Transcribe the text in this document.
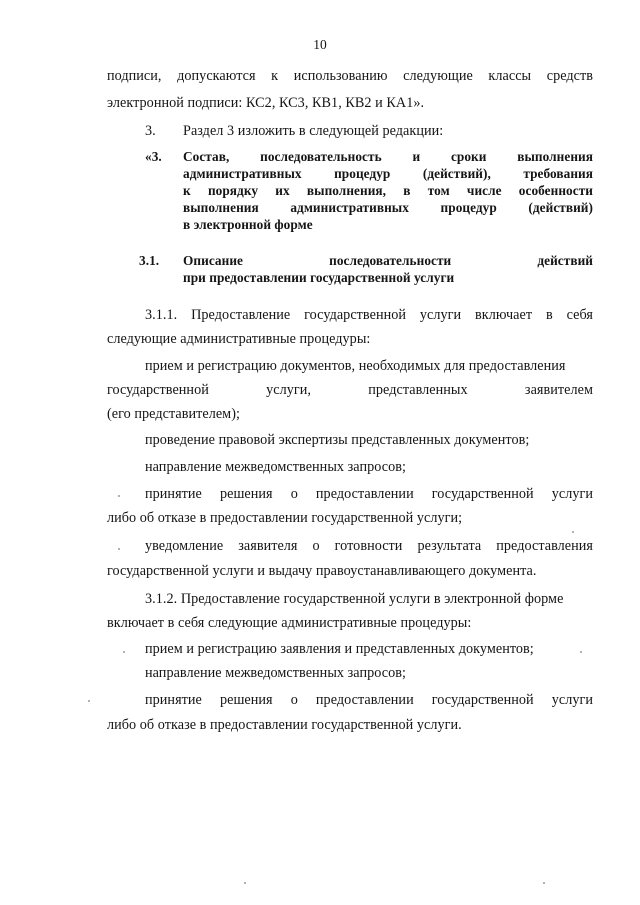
10
подписи, допускаются к использованию следующие классы средств
электронной подписи: КС2, КС3, КВ1, КВ2 и КА1».
3. Раздел 3 изложить в следующей редакции:
«3. Состав, последовательность и сроки выполнения
административных процедур (действий), требования
к порядку их выполнения, в том числе особенности
выполнения административных процедур (действий)
в электронной форме
3.1. Описание последовательности действий
при предоставлении государственной услуги
3.1.1. Предоставление государственной услуги включает в себя
следующие административные процедуры:
прием и регистрацию документов, необходимых для предоставления
государственной услуги, представленных заявителем
(его представителем);
проведение правовой экспертизы представленных документов;
направление межведомственных запросов;
принятие решения о предоставлении государственной услуги
либо об отказе в предоставлении государственной услуги;
уведомление заявителя о готовности результата предоставления
государственной услуги и выдачу правоустанавливающего документа.
3.1.2. Предоставление государственной услуги в электронной форме
включает в себя следующие административные процедуры:
прием и регистрацию заявления и представленных документов;
направление межведомственных запросов;
принятие решения о предоставлении государственной услуги
либо об отказе в предоставлении государственной услуги.
